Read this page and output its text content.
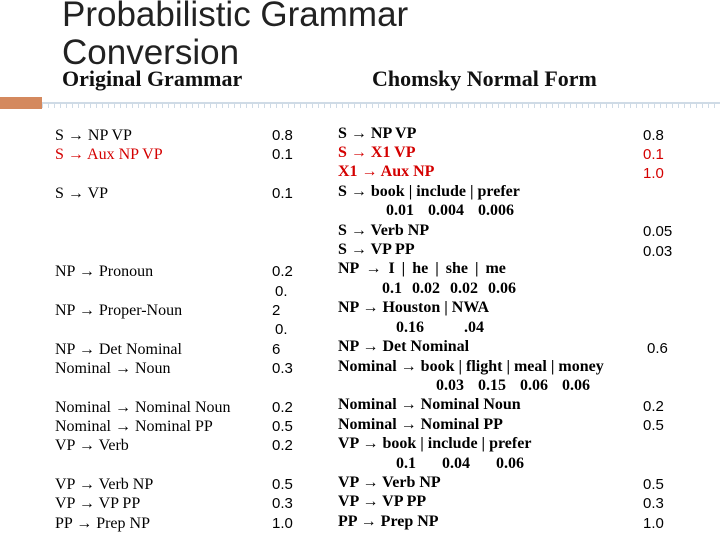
Probabilistic Grammar
Conversion
Original Grammar	Chomsky Normal Form
S → NP VP
S → Aux NP VP
S → VP
NP → Pronoun
NP → Proper-Noun
NP → Det Nominal
Nominal → Noun
Nominal → Nominal Noun
Nominal → Nominal PP
VP → Verb
VP → Verb NP
VP → VP PP
PP → Prep NP
0.8
0.1
0.1
0.2
0.
2
0.
6
0.3
0.2
0.5
0.2
0.5
0.3
1.0
S → NP VP
S → X1 VP
X1 → Aux NP
S → book | include | prefer
0.01 0.004 0.006
S → Verb NP
S → VP PP
NP → I | he | she | me
0.1 0.02 0.02 0.06
NP → Houston | NWA
0.16 .04
NP → Det Nominal
Nominal → book | flight | meal | money
0.03 0.15 0.06 0.06
Nominal → Nominal Noun
Nominal → Nominal PP
VP → book | include | prefer
0.1 0.04 0.06
VP → Verb NP
VP → VP PP
PP → Prep NP
0.8
0.1
1.0
0.05
0.03
0.6
0.2
0.5
0.5
0.3
1.0
